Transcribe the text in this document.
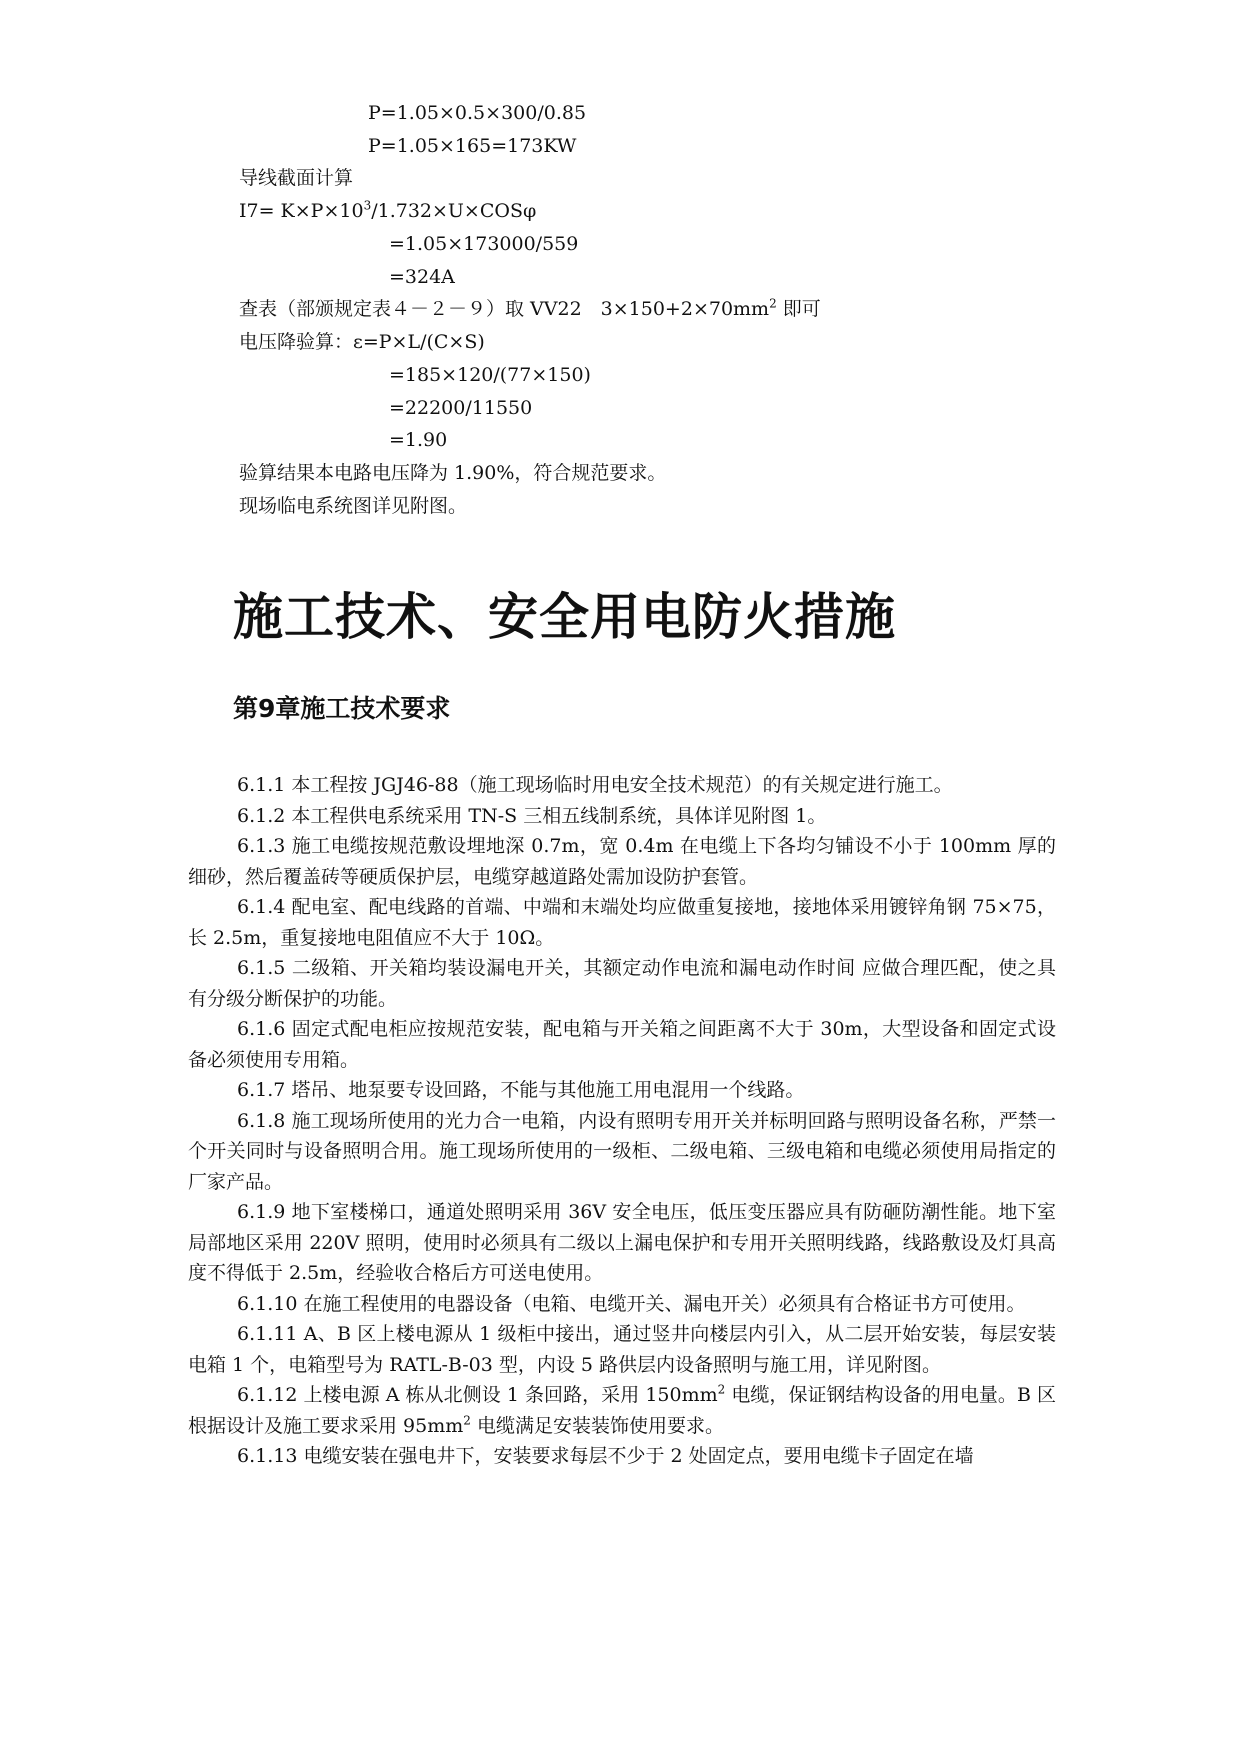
P=1.05×0.5×300/0.85
P=1.05×165=173KW
导线截面计算
$I7= K\times P\times 10^3/1.732\times U\times COS\varphi$
=1.05×173000/559
=324A
查表（部颁规定表４－２－９）取 VV22　$3\times 150+2\times 70mm^2$ 即可
电压降验算：ε=P×L/(C×S)
=185×120/(77×150)
=22200/11550
=1.90
验算结果本电路电压降为 1.90%，符合规范要求。
现场临电系统图详见附图。
施工技术、安全用电防火措施
第9章施工技术要求

6.1.1 本工程按 JGJ46-88（施工现场临时用电安全技术规范）的有关规定进行施工。

6.1.2 本工程供电系统采用 TN-S 三相五线制系统，具体详见附图 1。

6.1.3 施工电缆按规范敷设埋地深 0.7m，宽 0.4m 在电缆上下各均匀铺设不小于 100mm 厚的细砂，然后覆盖砖等硬质保护层，电缆穿越道路处需加设防护套管。

6.1.4 配电室、配电线路的首端、中端和末端处均应做重复接地，接地体采用镀锌角钢 75×75，长 2.5m，重复接地电阻值应不大于 10Ω。

6.1.5 二级箱、开关箱均装设漏电开关，其额定动作电流和漏电动作时间 应做合理匹配，使之具有分级分断保护的功能。

6.1.6 固定式配电柜应按规范安装，配电箱与开关箱之间距离不大于 30m，大型设备和固定式设备必须使用专用箱。

6.1.7 塔吊、地泵要专设回路，不能与其他施工用电混用一个线路。

6.1.8 施工现场所使用的光力合一电箱，内设有照明专用开关并标明回路与照明设备名称，严禁一个开关同时与设备照明合用。施工现场所使用的一级柜、二级电箱、三级电箱和电缆必须使用局指定的厂家产品。

6.1.9 地下室楼梯口，通道处照明采用 36V 安全电压，低压变压器应具有防砸防潮性能。地下室局部地区采用 220V 照明，使用时必须具有二级以上漏电保护和专用开关照明线路，线路敷设及灯具高度不得低于 2.5m，经验收合格后方可送电使用。

6.1.10 在施工程使用的电器设备（电箱、电缆开关、漏电开关）必须具有合格证书方可使用。

6.1.11 A、B 区上楼电源从 1 级柜中接出，通过竖井向楼层内引入，从二层开始安装，每层安装电箱 1 个，电箱型号为 RATL-B-03 型，内设 5 路供层内设备照明与施工用，详见附图。

6.1.12 上楼电源 A 栋从北侧设 1 条回路，采用 $150mm^2$ 电缆，保证钢结构设备的用电量。B 区根据设计及施工要求采用 $95mm^2$ 电缆满足安装装饰使用要求。

6.1.13 电缆安装在强电井下，安装要求每层不少于 2 处固定点，要用电缆卡子固定在墙
